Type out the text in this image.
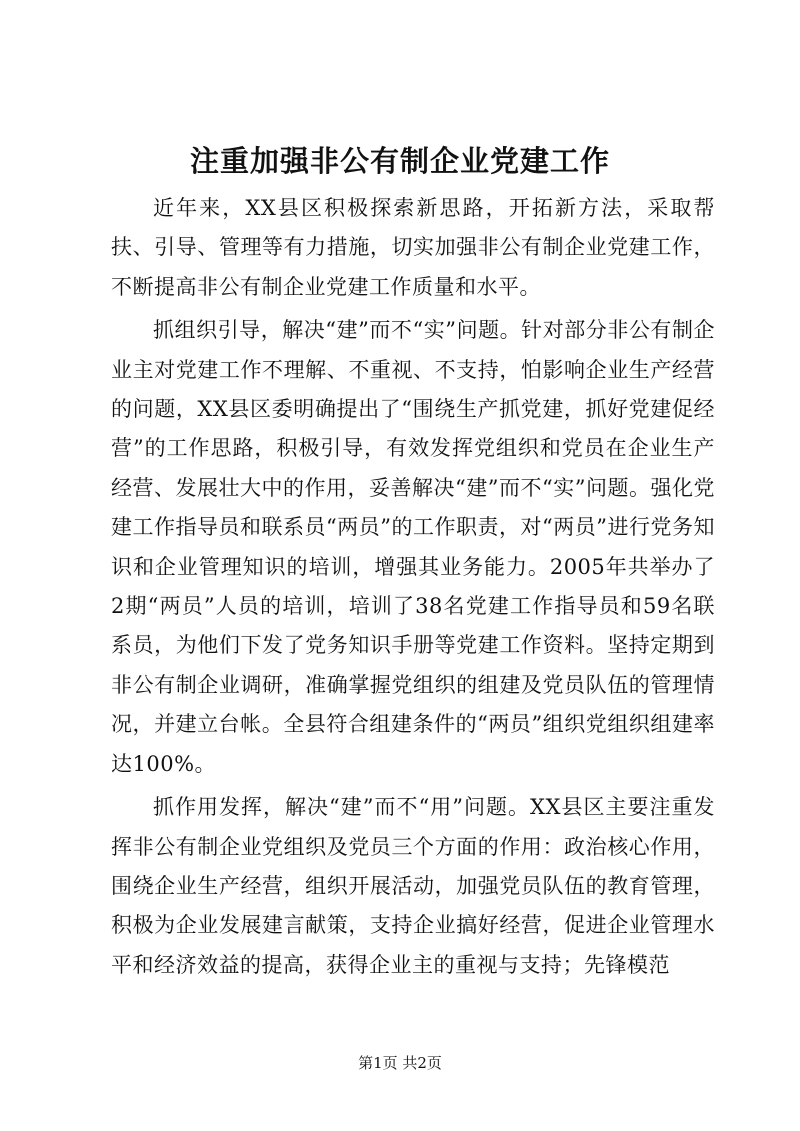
注重加强非公有制企业党建工作

近年来，XX县区积极探索新思路，开拓新方法，采取帮扶、引导、管理等有力措施，切实加强非公有制企业党建工作，不断提高非公有制企业党建工作质量和水平。

抓组织引导，解决“建”而不“实”问题。针对部分非公有制企业主对党建工作不理解、不重视、不支持，怕影响企业生产经营的问题，XX县区委明确提出了“围绕生产抓党建，抓好党建促经营”的工作思路，积极引导，有效发挥党组织和党员在企业生产经营、发展壮大中的作用，妥善解决“建”而不“实”问题。强化党建工作指导员和联系员“两员”的工作职责，对“两员”进行党务知识和企业管理知识的培训，增强其业务能力。2005年共举办了2期“两员”人员的培训，培训了38名党建工作指导员和59名联系员，为他们下发了党务知识手册等党建工作资料。坚持定期到非公有制企业调研，准确掌握党组织的组建及党员队伍的管理情况，并建立台帐。全县符合组建条件的“两员”组织党组织组建率达100%。

抓作用发挥，解决“建”而不“用”问题。XX县区主要注重发挥非公有制企业党组织及党员三个方面的作用：政治核心作用，围绕企业生产经营，组织开展活动，加强党员队伍的教育管理，积极为企业发展建言献策，支持企业搞好经营，促进企业管理水平和经济效益的提高，获得企业主的重视与支持；先锋模范

第1页 共2页
